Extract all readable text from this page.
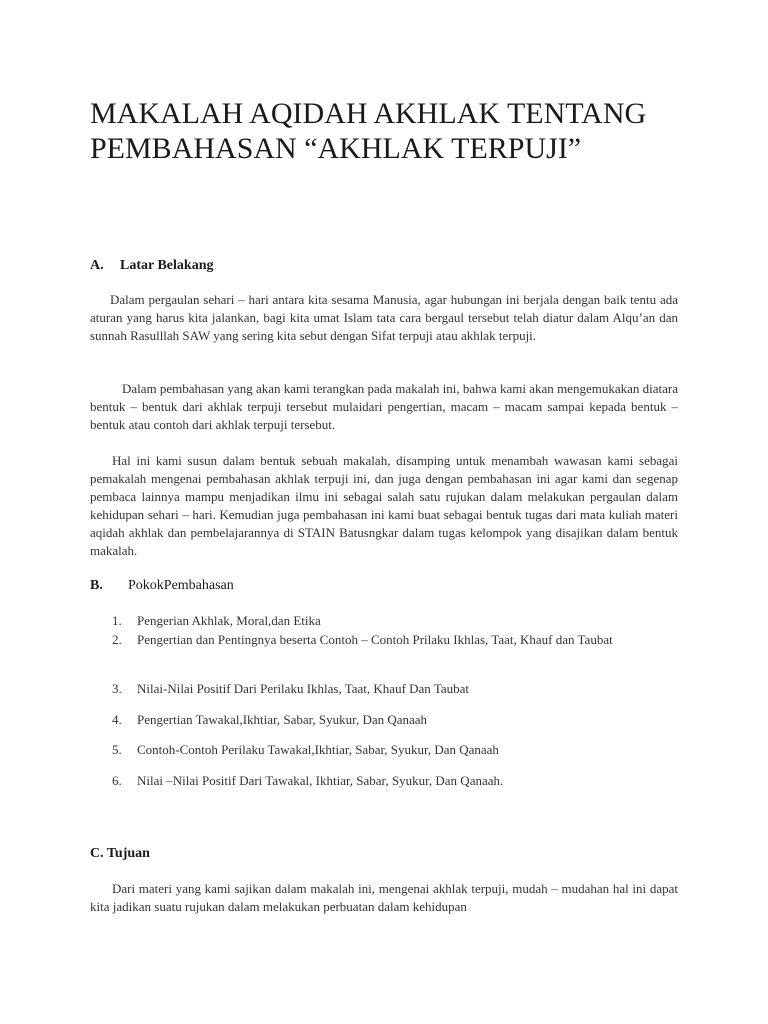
MAKALAH AQIDAH AKHLAK TENTANG PEMBAHASAN “AKHLAK TERPUJI”
A. Latar Belakang

Dalam pergaulan sehari – hari antara kita sesama Manusia, agar hubungan ini berjala dengan baik tentu ada aturan yang harus kita jalankan, bagi kita umat Islam tata cara bergaul tersebut telah diatur dalam Alqu’an dan sunnah Rasulllah SAW yang sering kita sebut dengan Sifat terpuji atau akhlak terpuji.

Dalam pembahasan yang akan kami terangkan pada makalah ini, bahwa kami akan mengemukakan diatara bentuk – bentuk dari akhlak terpuji tersebut mulaidari pengertian, macam – macam sampai kepada bentuk – bentuk atau contoh dari akhlak terpuji tersebut.

Hal ini kami susun dalam bentuk sebuah makalah, disamping untuk menambah wawasan kami sebagai pemakalah mengenai pembahasan akhlak terpuji ini, dan juga dengan pembahasan ini agar kami dan segenap pembaca lainnya mampu menjadikan ilmu ini sebagai salah satu rujukan dalam melakukan pergaulan dalam kehidupan sehari – hari. Kemudian juga pembahasan ini kami buat sebagai bentuk tugas dari mata kuliah materi aqidah akhlak dan pembelajarannya di STAIN Batusngkar dalam tugas kelompok yang disajikan dalam bentuk makalah.

B. PokokPembahasan
1.	Pengerian Akhlak, Moral,dan Etika
2.	Pengertian dan Pentingnya beserta Contoh – Contoh Prilaku Ikhlas, Taat, Khauf dan Taubat
3.	Nilai-Nilai Positif Dari Perilaku Ikhlas, Taat, Khauf Dan Taubat
4.	Pengertian Tawakal,Ikhtiar, Sabar, Syukur, Dan Qanaah
5.	Contoh-Contoh Perilaku Tawakal,Ikhtiar, Sabar, Syukur, Dan Qanaah
6.	Nilai –Nilai Positif Dari Tawakal, Ikhtiar, Sabar, Syukur, Dan Qanaah.
C. Tujuan

Dari materi yang kami sajikan dalam makalah ini, mengenai akhlak terpuji, mudah – mudahan hal ini dapat kita jadikan suatu rujukan dalam melakukan perbuatan dalam kehidupan
